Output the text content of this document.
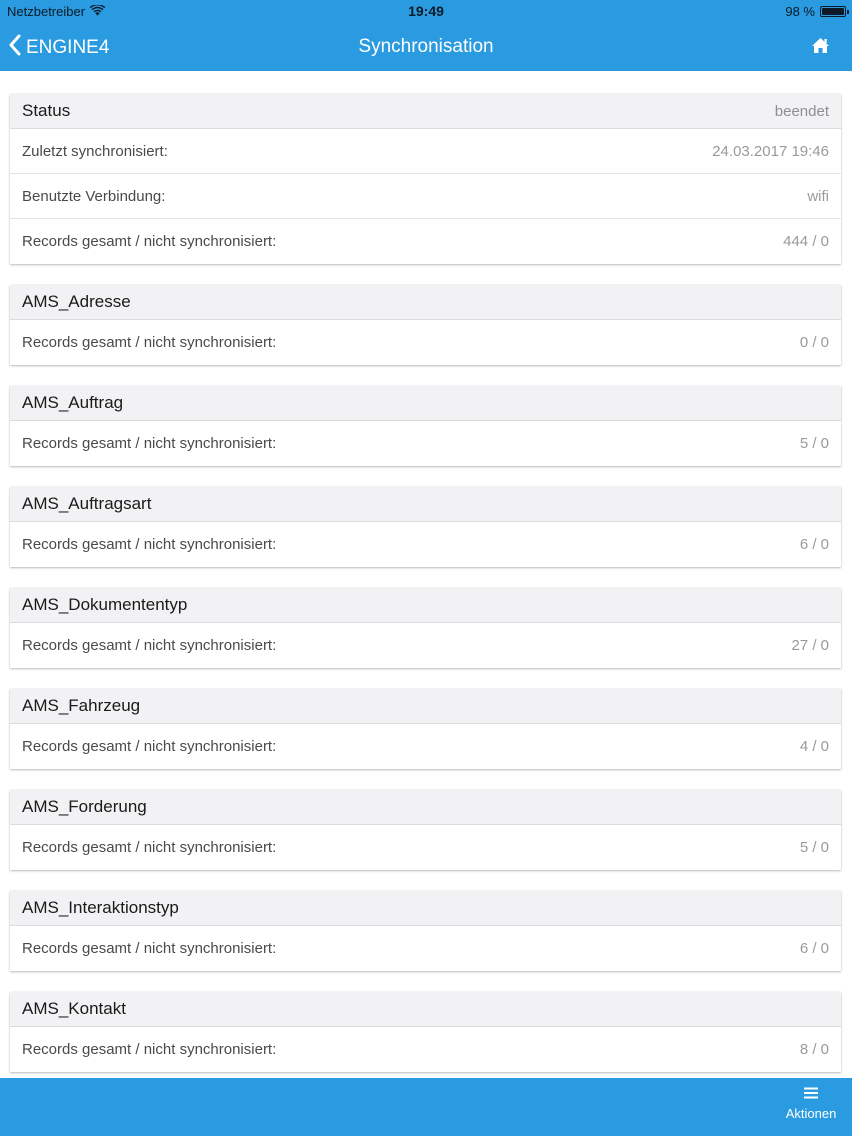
Netzbetreiber	19:49	98 %
ENGINE4	Synchronisation
Status	beendet
Zuletzt synchronisiert:	24.03.2017 19:46
Benutzte Verbindung:	wifi
Records gesamt / nicht synchronisiert:	444 / 0
AMS_Adresse
Records gesamt / nicht synchronisiert:	0 / 0
AMS_Auftrag
Records gesamt / nicht synchronisiert:	5 / 0
AMS_Auftragsart
Records gesamt / nicht synchronisiert:	6 / 0
AMS_Dokumententyp
Records gesamt / nicht synchronisiert:	27 / 0
AMS_Fahrzeug
Records gesamt / nicht synchronisiert:	4 / 0
AMS_Forderung
Records gesamt / nicht synchronisiert:	5 / 0
AMS_Interaktionstyp
Records gesamt / nicht synchronisiert:	6 / 0
AMS_Kontakt
Records gesamt / nicht synchronisiert:	8 / 0
Aktionen
